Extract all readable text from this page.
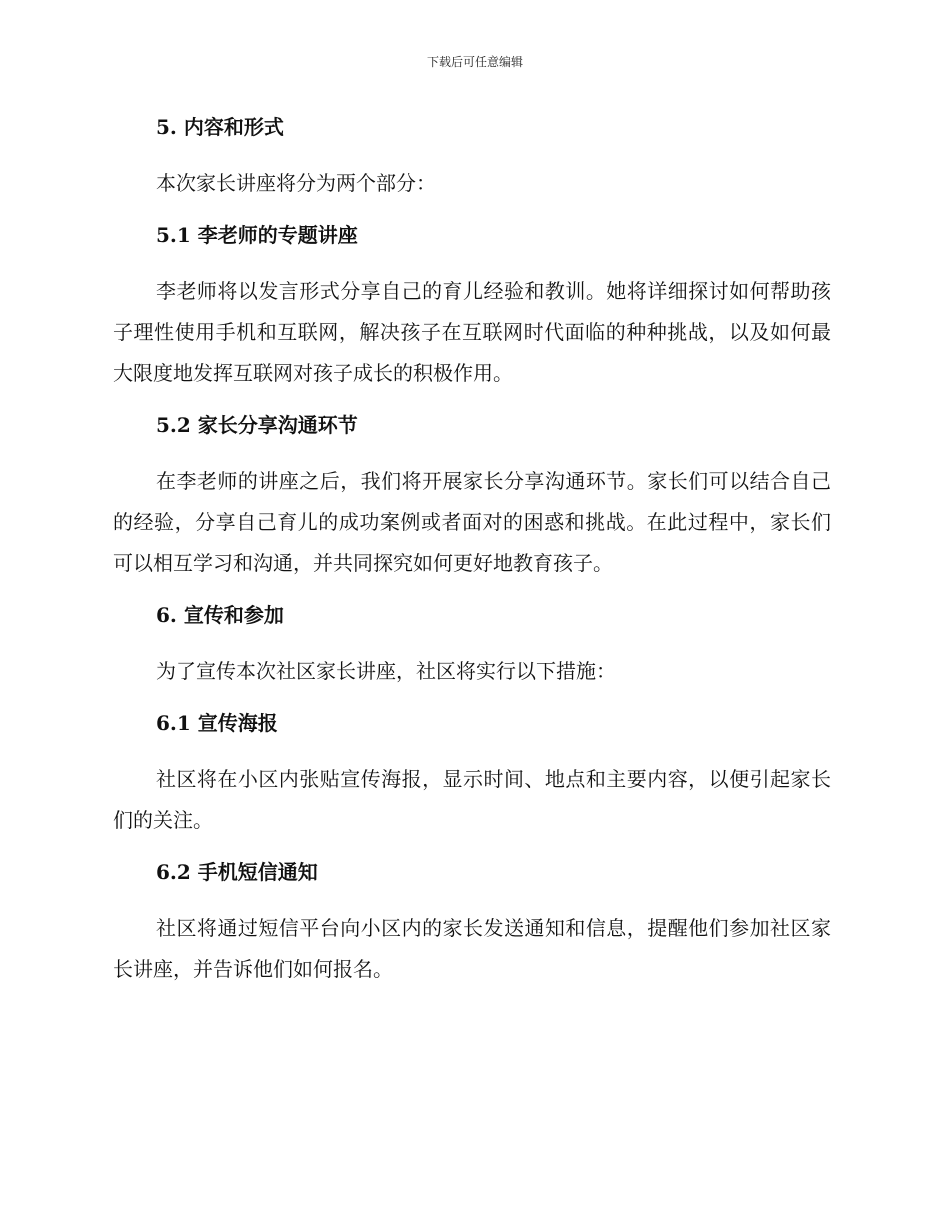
下载后可任意编辑
5. 内容和形式

本次家长讲座将分为两个部分：

5.1 李老师的专题讲座

李老师将以发言形式分享自己的育儿经验和教训。她将详细探讨如何帮助孩子理性使用手机和互联网，解决孩子在互联网时代面临的种种挑战，以及如何最大限度地发挥互联网对孩子成长的积极作用。

5.2 家长分享沟通环节

在李老师的讲座之后，我们将开展家长分享沟通环节。家长们可以结合自己的经验，分享自己育儿的成功案例或者面对的困惑和挑战。在此过程中，家长们可以相互学习和沟通，并共同探究如何更好地教育孩子。

6. 宣传和参加

为了宣传本次社区家长讲座，社区将实行以下措施：

6.1 宣传海报

社区将在小区内张贴宣传海报，显示时间、地点和主要内容，以便引起家长们的关注。

6.2 手机短信通知

社区将通过短信平台向小区内的家长发送通知和信息，提醒他们参加社区家长讲座，并告诉他们如何报名。
